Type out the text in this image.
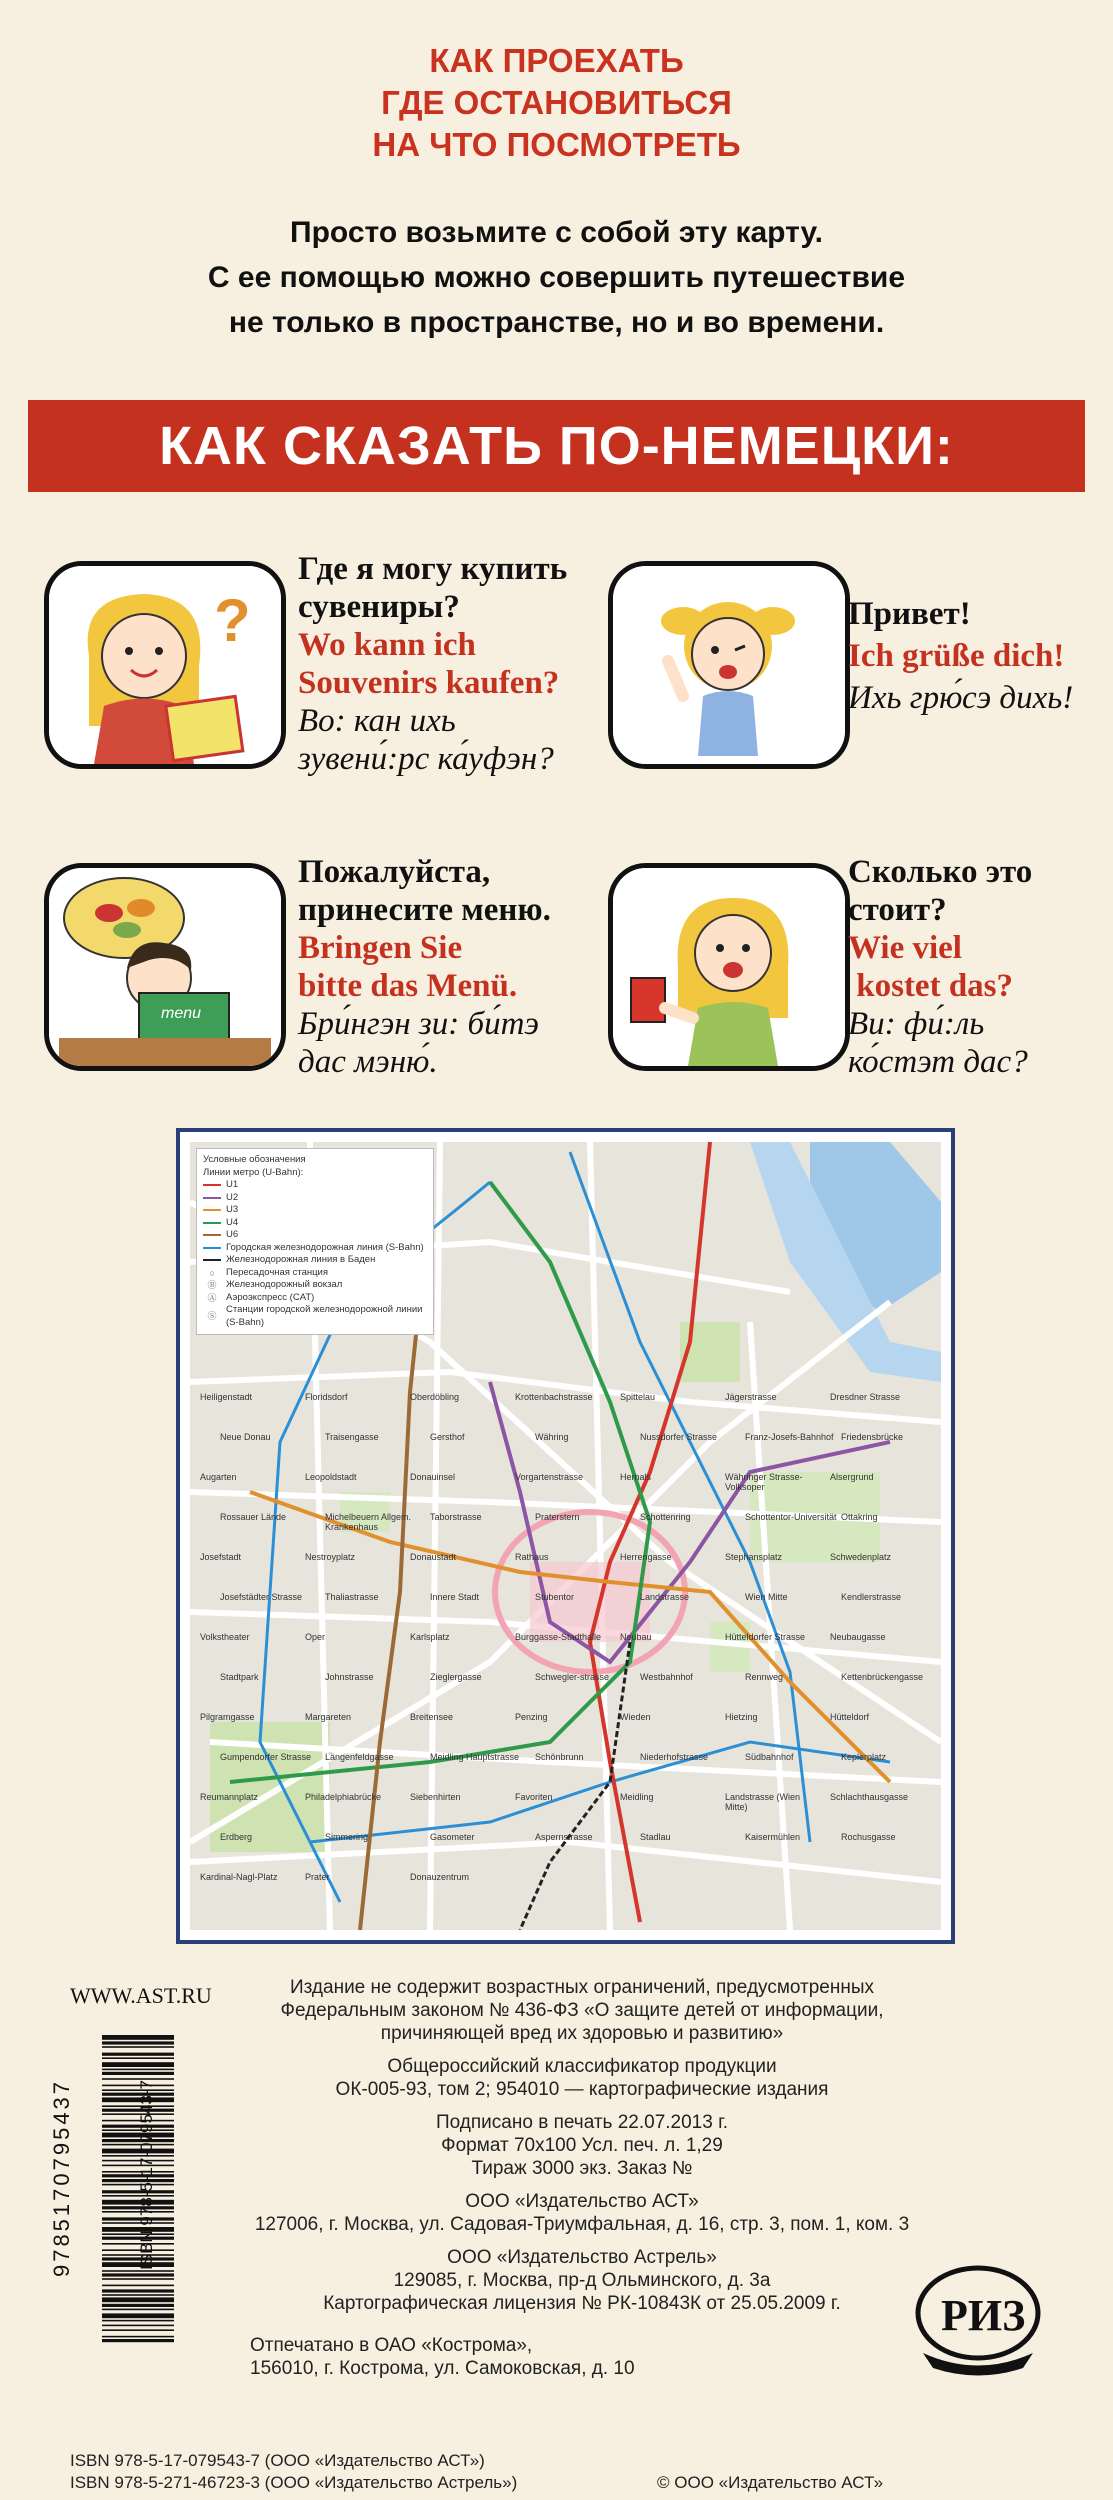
КАК ПРОЕХАТЬ
ГДЕ ОСТАНОВИТЬСЯ
НА ЧТО ПОСМОТРЕТЬ
Просто возьмите с собой эту карту.
С ее помощью можно совершить путешествие
не только в пространстве, но и во времени.
КАК СКАЗАТЬ ПО-НЕМЕЦКИ:
?
Где я могу купить
сувениры?
Wo kann ich
Souvenirs kaufen?
Во: кан ихь
зувени́:рс ка́уфэн?
Привет!
Ich grüße dich!
Ихь грю́сэ дихь!
menu
Пожалуйста,
принесите меню.
Bringen Sie
bitte das Menü.
Бри́нгэн зи: би́тэ
дас мэню́.
Сколько это
стоит?
Wie viel
kostet das?
Ви: фи́:ль
ко́стэт дас?
Условные обозначения
Линии метро (U-Bahn):
U1
U2
U3
U4
U6
Городская железнодорожная линия (S-Bahn)
Железнодорожная линия в Баден
○	Пересадочная станция
Ⓑ	Железнодорожный вокзал
Ⓐ	Аэроэкспресс (CAT)
Ⓢ
Станции городской железнодорожной линии (S-Bahn)
Heiligenstadt	Floridsdorf	Oberdöbling	Krottenbachstrasse	Spittelau	Jägerstrasse	Dresdner Strasse
Neue Donau	Traisengasse	Gersthof	Währing	Nussdorfer Strasse	Franz-Josefs-Bahnhof Friedensbrücke
Augarten	Leopoldstadt	Donauinsel	Vorgartenstrasse	Hernals	Währinger Strasse-Volksoper
Alsergrund
Rossauer Lände	Michelbeuern Allgem. Krankenhaus
Taborstrasse	Praterstern	Schottenring	Schottentor-Universität Ottakring
Josefstadt	Nestroyplatz	Donaustadt	Rathaus	Herrengasse	Stephansplatz	Schwedenplatz
Josefstädter Strasse	Thaliastrasse	Innere Stadt	Stubentor	Landstrasse	Wien Mitte	Kendlerstrasse
Volkstheater	Oper	Karlsplatz	Burggasse-Stadthalle Neubau	Hütteldorfer Strasse	Neubaugasse
Stadtpark	Johnstrasse	Zieglergasse	Schwegler-strasse	Westbahnhof	Rennweg	Kettenbrückengasse
Pilgramgasse	Margareten	Breitensee	Penzing	Wieden	Hietzing	Hütteldorf
Gumpendorfer Strasse Längenfeldgasse	Meidling Hauptstrasse Schönbrunn	Niederhofstrasse	Südbahnhof	Keplerplatz
Reumannplatz	Philadelphiabrücke	Siebenhirten	Favoriten	Meidling	Landstrasse (Wien Mitte)
Schlachthausgasse
Erdberg	Simmering	Gasometer	Aspernstrasse	Stadlau	Kaisermühlen	Rochusgasse
Kardinal-Nagl-Platz	Prater	Donauzentrum
WWW.AST.RU	Издание не содержит возрастных ограничений, предусмотренных
Федеральным законом № 436-ФЗ «О защите детей от информации,
причиняющей вред их здоровью и развитию»
Общероссийский классификатор продукции
ОК-005-93, том 2; 954010 — картографические издания
Подписано в печать 22.07.2013 г.
Формат 70х100 Усл. печ. л. 1,29
Тираж 3000 экз. Заказ №
ООО «Издательство АСТ»
127006, г. Москва, ул. Садовая-Триумфальная, д. 16, стр. 3, пом. 1, ком. 3
ООО «Издательство Астрель»
129085, г. Москва, пр-д Ольминского, д. 3а
Картографическая лицензия № РК-10843К от 25.05.2009 г.
Отпечатано в ОАО «Кострома»,
156010, г. Кострома, ул. Самоковская, д. 10
9785170795437
РИЗ
ISBN 978-5-17-079543-7 (ООО «Издательство АСТ»)
ISBN 978-5-271-46723-3 (ООО «Издательство Астрель»)	© ООО «Издательство АСТ»
